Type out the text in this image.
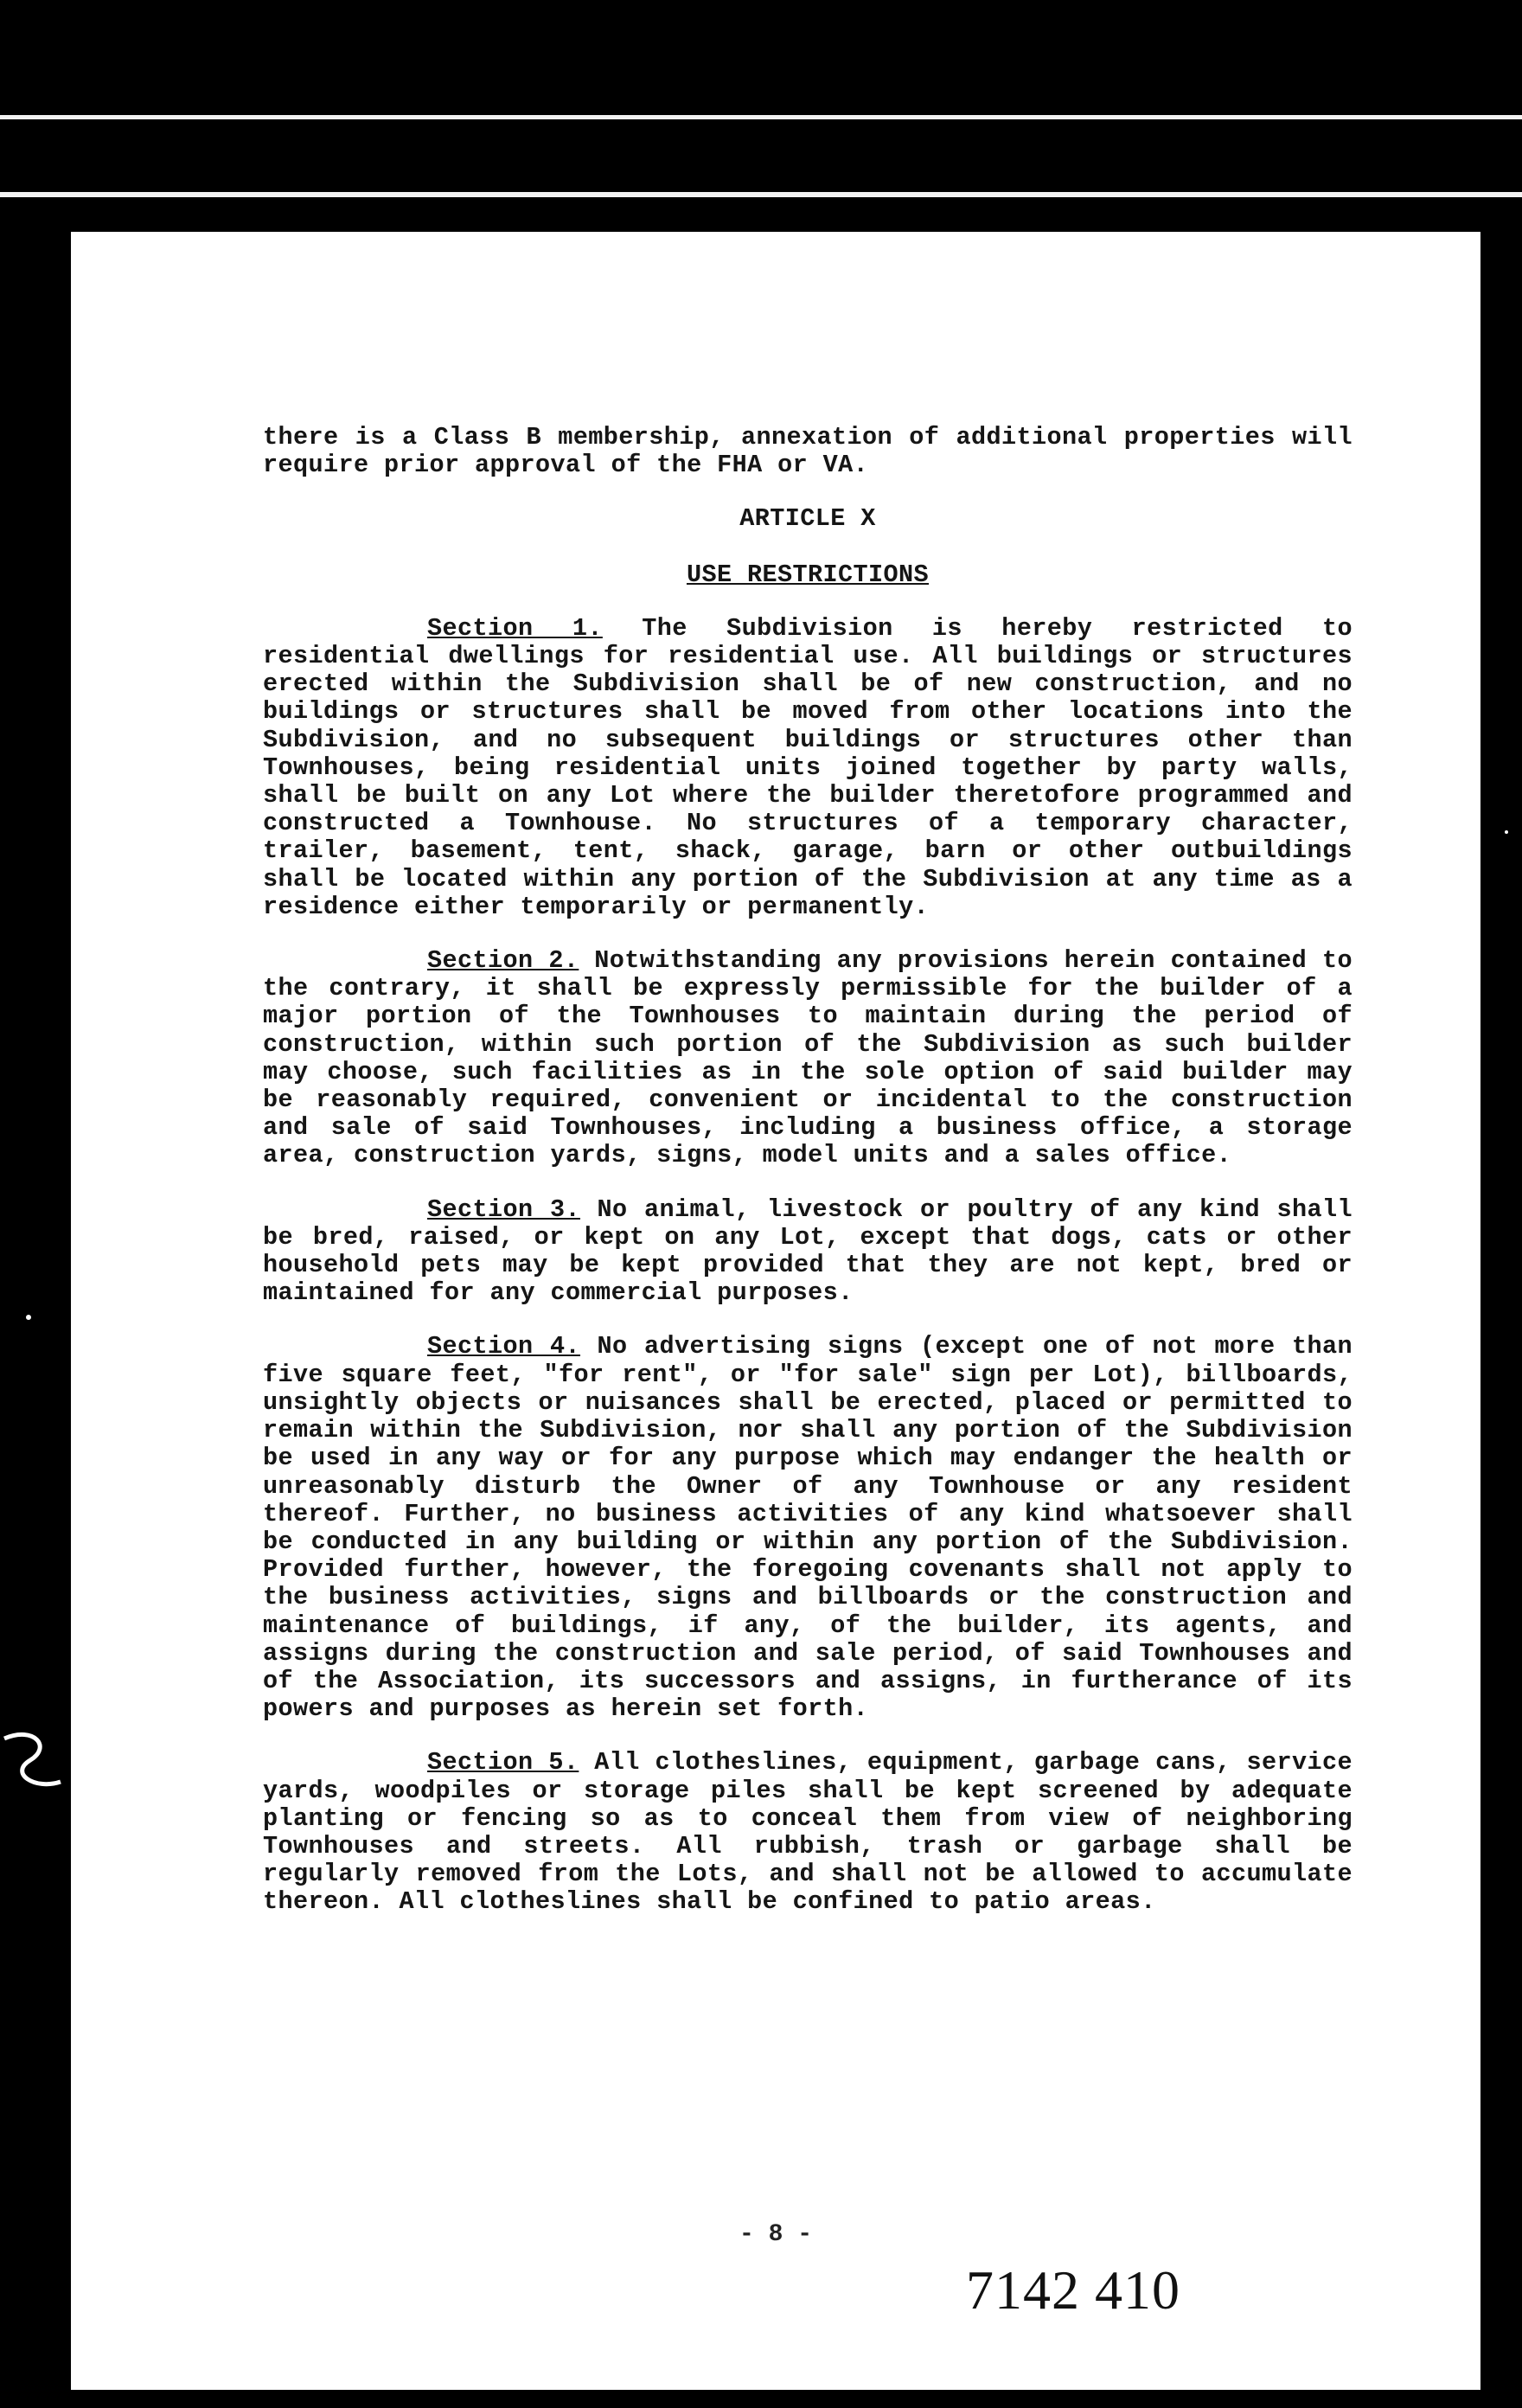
there is a Class B membership, annexation of additional properties will require prior approval of the FHA or VA.

ARTICLE X
USE RESTRICTIONS

Section 1. The Subdivision is hereby restricted to residential dwellings for residential use. All buildings or structures erected within the Subdivision shall be of new construction, and no buildings or structures shall be moved from other locations into the Subdivision, and no subsequent buildings or structures other than Townhouses, being residential units joined together by party walls, shall be built on any Lot where the builder theretofore programmed and constructed a Townhouse. No structures of a temporary character, trailer, basement, tent, shack, garage, barn or other outbuildings shall be located within any portion of the Subdivision at any time as a residence either temporarily or permanently.

Section 2. Notwithstanding any provisions herein contained to the contrary, it shall be expressly permissible for the builder of a major portion of the Townhouses to maintain during the period of construction, within such portion of the Subdivision as such builder may choose, such facilities as in the sole option of said builder may be reasonably required, convenient or incidental to the construction and sale of said Townhouses, including a business office, a storage area, construction yards, signs, model units and a sales office.

Section 3. No animal, livestock or poultry of any kind shall be bred, raised, or kept on any Lot, except that dogs, cats or other household pets may be kept provided that they are not kept, bred or maintained for any commercial purposes.

Section 4. No advertising signs (except one of not more than five square feet, "for rent", or "for sale" sign per Lot), billboards, unsightly objects or nuisances shall be erected, placed or permitted to remain within the Subdivision, nor shall any portion of the Subdivision be used in any way or for any purpose which may endanger the health or unreasonably disturb the Owner of any Townhouse or any resident thereof. Further, no business activities of any kind whatsoever shall be conducted in any building or within any portion of the Subdivision. Provided further, however, the foregoing covenants shall not apply to the business activities, signs and billboards or the construction and maintenance of buildings, if any, of the builder, its agents, and assigns during the construction and sale period, of said Townhouses and of the Association, its successors and assigns, in furtherance of its powers and purposes as herein set forth.

Section 5. All clotheslines, equipment, garbage cans, service yards, woodpiles or storage piles shall be kept screened by adequate planting or fencing so as to conceal them from view of neighboring Townhouses and streets. All rubbish, trash or garbage shall be regularly removed from the Lots, and shall not be allowed to accumulate thereon. All clotheslines shall be confined to patio areas.

- 8 -
7142 410
